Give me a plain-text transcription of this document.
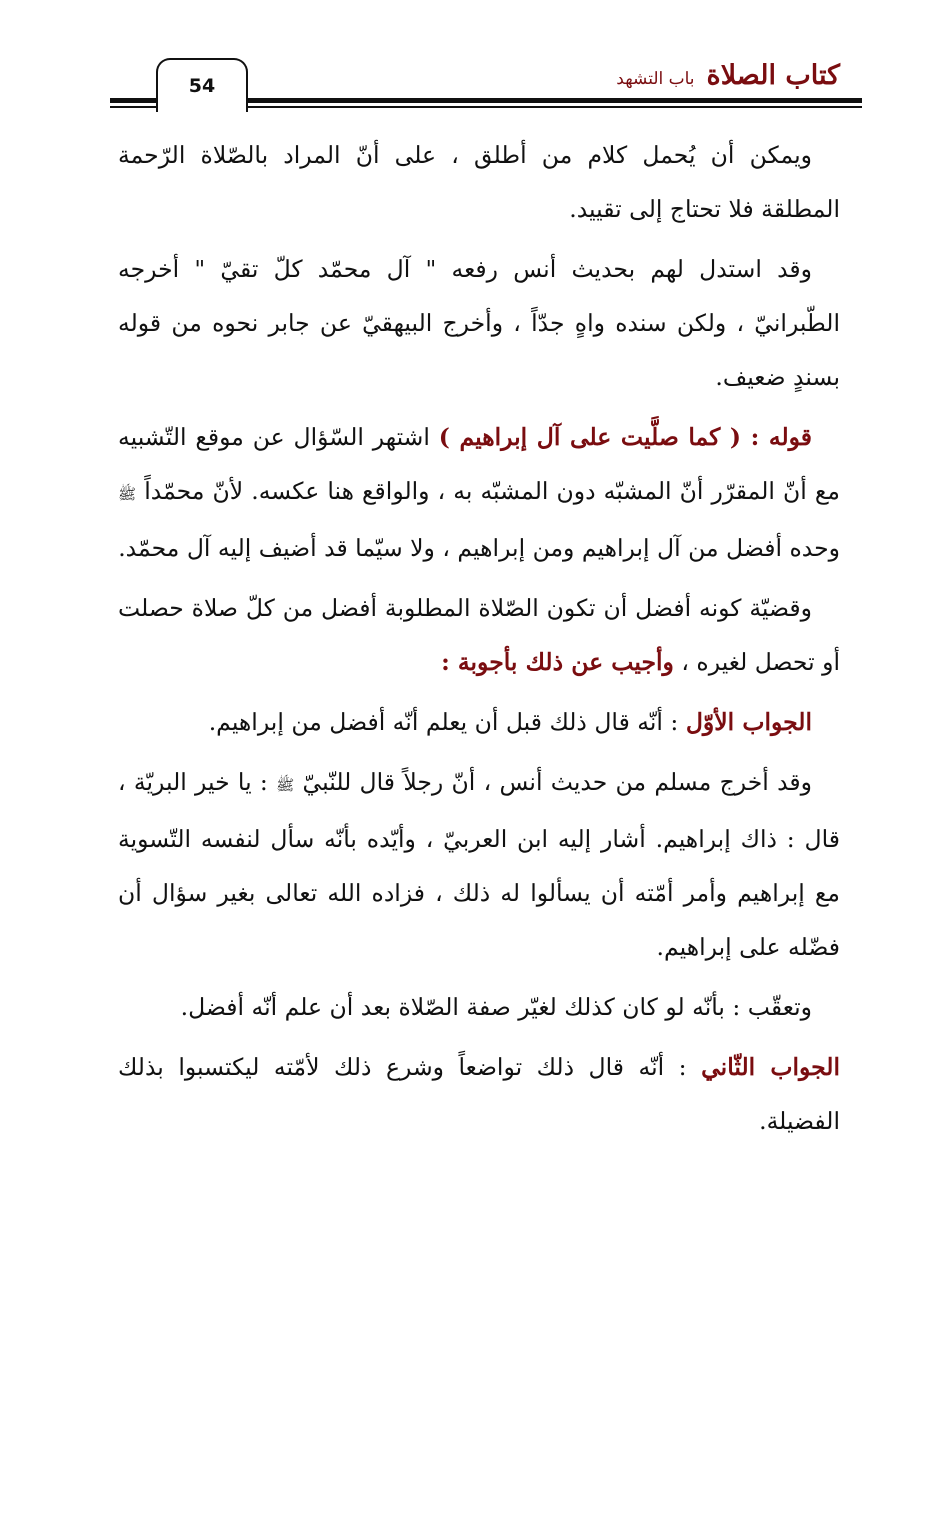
54	كتاب الصلاة
باب التشهد

ويمكن أن يُحمل كلام من أطلق ، على أنّ المراد بالصّلاة الرّحمة المطلقة فلا تحتاج إلى تقييد.

وقد استدل لهم بحديث أنس رفعه " آل محمّد كلّ تقيّ " أخرجه الطّبرانيّ ، ولكن سنده واهٍ جدّاً ، وأخرج البيهقيّ عن جابر نحوه من قوله بسندٍ ضعيف.

قوله : ( كما صلَّيت على آل إبراهيم ) اشتهر السّؤال عن موقع التّشبيه مع أنّ المقرّر أنّ المشبّه دون المشبّه به ، والواقع هنا عكسه. لأنّ محمّداً ﷺ وحده أفضل من آل إبراهيم ومن إبراهيم ، ولا سيّما قد أضيف إليه آل محمّد.

وقضيّة كونه أفضل أن تكون الصّلاة المطلوبة أفضل من كلّ صلاة حصلت أو تحصل لغيره ، وأجيب عن ذلك بأجوبة :

الجواب الأوّل : أنّه قال ذلك قبل أن يعلم أنّه أفضل من إبراهيم.

وقد أخرج مسلم من حديث أنس ، أنّ رجلاً قال للنّبيّ ﷺ : يا خير البريّة ، قال : ذاك إبراهيم. أشار إليه ابن العربيّ ، وأيّده بأنّه سأل لنفسه التّسوية مع إبراهيم وأمر أمّته أن يسألوا له ذلك ، فزاده الله تعالى بغير سؤال أن فضّله على إبراهيم.

وتعقّب : بأنّه لو كان كذلك لغيّر صفة الصّلاة بعد أن علم أنّه أفضل.

الجواب الثّاني : أنّه قال ذلك تواضعاً وشرع ذلك لأمّته ليكتسبوا بذلك الفضيلة.
